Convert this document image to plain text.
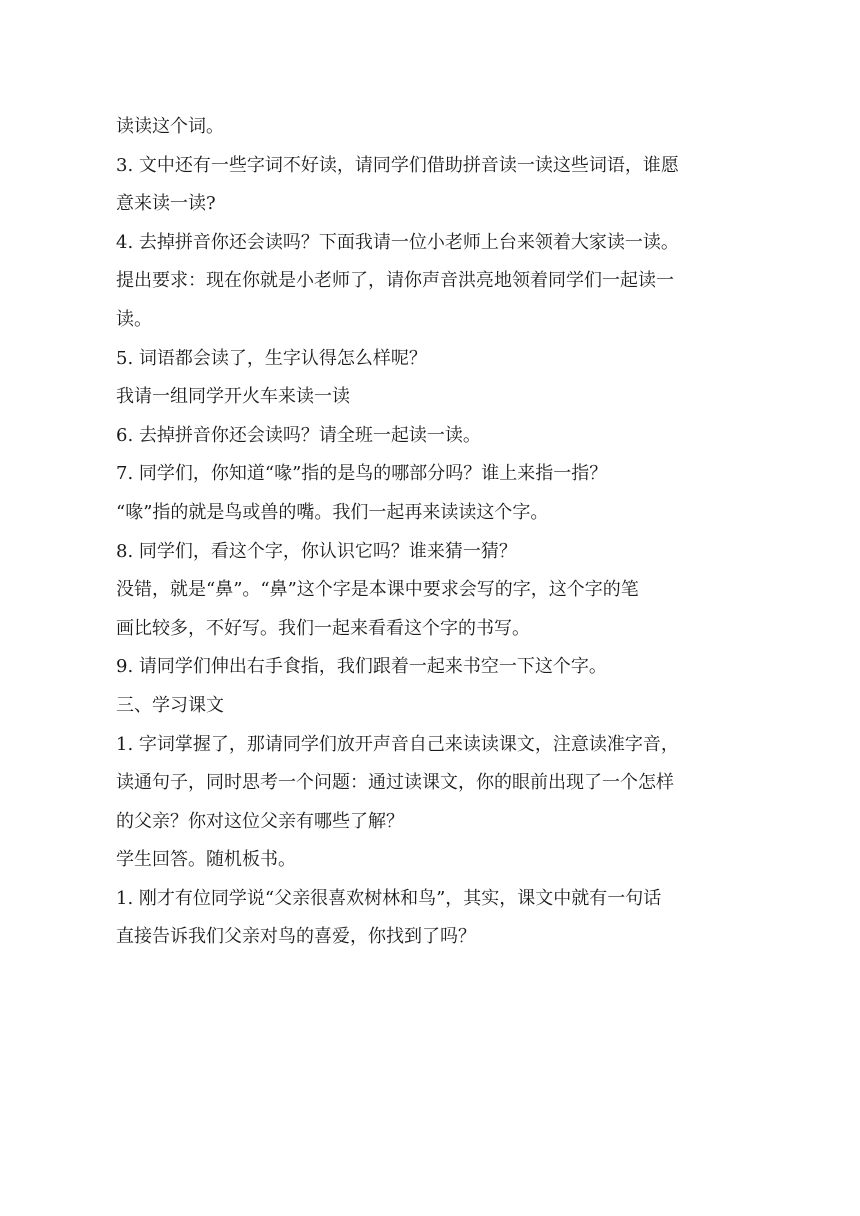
读读这个词。
3. 文中还有一些字词不好读，请同学们借助拼音读一读这些词语，谁愿
意来读一读?
4. 去掉拼音你还会读吗？下面我请一位小老师上台来领着大家读一读。
提出要求：现在你就是小老师了，请你声音洪亮地领着同学们一起读一
读。
5. 词语都会读了，生字认得怎么样呢？
我请一组同学开火车来读一读
6. 去掉拼音你还会读吗？请全班一起读一读。
7. 同学们，你知道“喙”指的是鸟的哪部分吗？谁上来指一指？
“喙”指的就是鸟或兽的嘴。我们一起再来读读这个字。
8. 同学们，看这个字，你认识它吗？谁来猜一猜？
没错，就是“鼻”。“鼻”这个字是本课中要求会写的字，这个字的笔
画比较多，不好写。我们一起来看看这个字的书写。
9. 请同学们伸出右手食指，我们跟着一起来书空一下这个字。
三、学习课文
1. 字词掌握了，那请同学们放开声音自己来读读课文，注意读准字音，
读通句子，同时思考一个问题：通过读课文，你的眼前出现了一个怎样
的父亲？你对这位父亲有哪些了解？
学生回答。随机板书。
1. 刚才有位同学说“父亲很喜欢树林和鸟”，其实，课文中就有一句话
直接告诉我们父亲对鸟的喜爱，你找到了吗？
